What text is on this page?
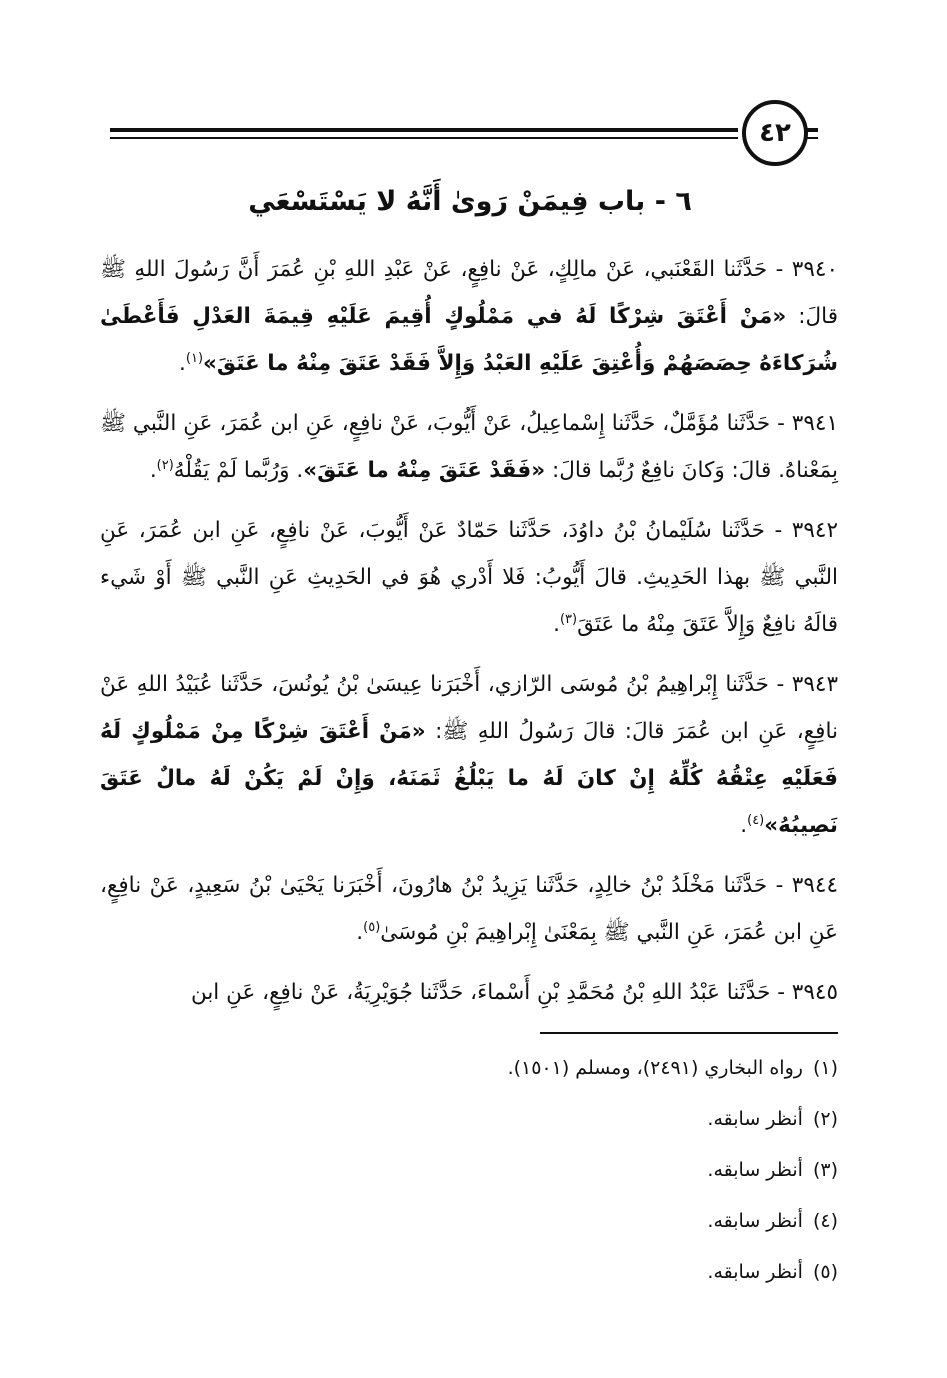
٤٢
٦ - باب فِيمَنْ رَوىٰ أَنَّهُ لا يَسْتَسْعَي

٣٩٤٠ - حَدَّثَنا القَعْنَبي، عَنْ مالِكٍ، عَنْ نافِعٍ، عَنْ عَبْدِ اللهِ بْنِ عُمَرَ أَنَّ رَسُولَ اللهِ ﷺ قالَ: «مَنْ أَعْتَقَ شِرْكًا لَهُ في مَمْلُوكٍ أُقِيمَ عَلَيْهِ قِيمَةَ العَدْلِ فَأَعْطَىٰ شُرَكاءَهُ حِصَصَهُمْ وَأُعْتِقَ عَلَيْهِ العَبْدُ وَإِلاَّ فَقَدْ عَتَقَ مِنْهُ ما عَتَقَ»$^{(١)}$.

٣٩٤١ - حَدَّثَنا مُؤَمَّلٌ، حَدَّثَنا إِسْماعِيلُ، عَنْ أَيُّوبَ، عَنْ نافِعٍ، عَنِ ابن عُمَرَ، عَنِ النَّبي ﷺ بِمَعْناهُ. قالَ: وَكانَ نافِعٌ رُبَّما قالَ: «فَقَدْ عَتَقَ مِنْهُ ما عَتَقَ». وَرُبَّما لَمْ يَقُلْهُ$^{(٢)}$.

٣٩٤٢ - حَدَّثَنا سُلَيْمانُ بْنُ داوُدَ، حَدَّثَنا حَمّادٌ عَنْ أَيُّوبَ، عَنْ نافِعٍ، عَنِ ابن عُمَرَ، عَنِ النَّبي ﷺ بهذا الحَدِيثِ. قالَ أَيُّوبُ: فَلا أَدْري هُوَ في الحَدِيثِ عَنِ النَّبي ﷺ أَوْ شَيء قالَهُ نافِعٌ وَإِلاَّ عَتَقَ مِنْهُ ما عَتَقَ$^{(٣)}$.

٣٩٤٣ - حَدَّثَنا إِبْراهِيمُ بْنُ مُوسَى الرّازي، أَخْبَرَنا عِيسَىٰ بْنُ يُونُسَ، حَدَّثَنا عُبَيْدُ اللهِ عَنْ نافِعٍ، عَنِ ابن عُمَرَ قالَ: قالَ رَسُولُ اللهِ ﷺ: «مَنْ أَعْتَقَ شِرْكًا مِنْ مَمْلُوكٍ لَهُ فَعَلَيْهِ عِتْقُهُ كُلِّهُ إِنْ كانَ لَهُ ما يَبْلُغُ ثَمَنَهُ، وَإِنْ لَمْ يَكُنْ لَهُ مالٌ عَتَقَ نَصِيبُهُ»$^{(٤)}$.

٣٩٤٤ - حَدَّثَنا مَخْلَدُ بْنُ خالِدٍ، حَدَّثَنا يَزِيدُ بْنُ هارُونَ، أَخْبَرَنا يَحْيَىٰ بْنُ سَعِيدٍ، عَنْ نافِعٍ، عَنِ ابن عُمَرَ، عَنِ النَّبي ﷺ بِمَعْنَىٰ إِبْراهِيمَ بْنِ مُوسَىٰ$^{(٥)}$.

٣٩٤٥ - حَدَّثَنا عَبْدُ اللهِ بْنُ مُحَمَّدِ بْنِ أَسْماءَ، حَدَّثَنا جُوَيْرِيَةُ، عَنْ نافِعٍ، عَنِ ابن

(١)رواه البخاري (٢٤٩١)، ومسلم (١٥٠١).
(٢)أنظر سابقه.
(٣)أنظر سابقه.
(٤)أنظر سابقه.
(٥)أنظر سابقه.
